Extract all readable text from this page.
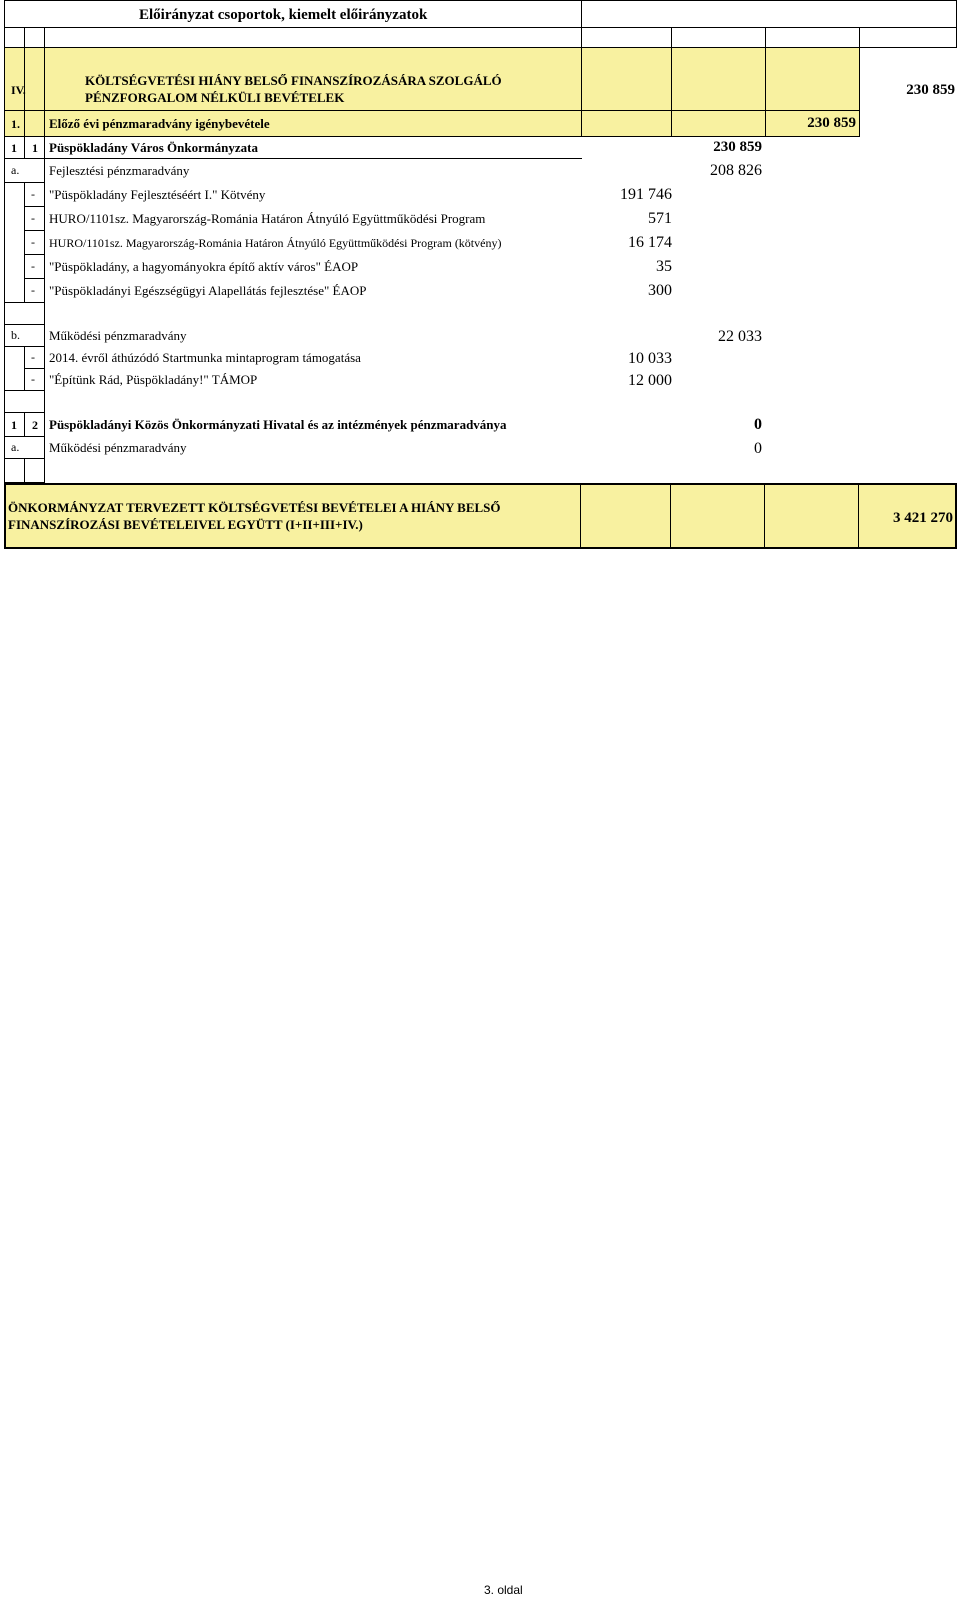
Előirányzat csoportok, kiemelt előirányzatok
IV.
KÖLTSÉGVETÉSI HIÁNY BELSŐ FINANSZÍROZÁSÁRA SZOLGÁLÓ
PÉNZFORGALOM NÉLKÜLI BEVÉTELEK	230 859
1. Előző évi pénzmaradvány igénybevétele	230 859
1 1 Püspökladány Város Önkormányzata	230 859
a. Fejlesztési pénzmaradvány	208 826
- "Püspökladány Fejlesztéséért I." Kötvény	191 746
- HURO/1101sz. Magyarország-Románia Határon Átnyúló Együttműködési Program	571
- HURO/1101sz. Magyarország-Románia Határon Átnyúló Együttműködési Program (kötvény)	16 174
- "Püspökladány, a hagyományokra építő aktív város" ÉAOP	35
- "Püspökladányi Egészségügyi Alapellátás fejlesztése" ÉAOP	300
b. Működési pénzmaradvány	22 033
- 2014. évről áthúzódó Startmunka mintaprogram támogatása	10 033
- "Építünk Rád, Püspökladány!" TÁMOP	12 000
1 2 Püspökladányi Közös Önkormányzati Hivatal és az intézmények pénzmaradványa	0
a. Működési pénzmaradvány	0
ÖNKORMÁNYZAT TERVEZETT KÖLTSÉGVETÉSI BEVÉTELEI A HIÁNY BELSŐ
FINANSZÍROZÁSI BEVÉTELEIVEL EGYÜTT (I+II+III+IV.)	3 421 270
3. oldal
